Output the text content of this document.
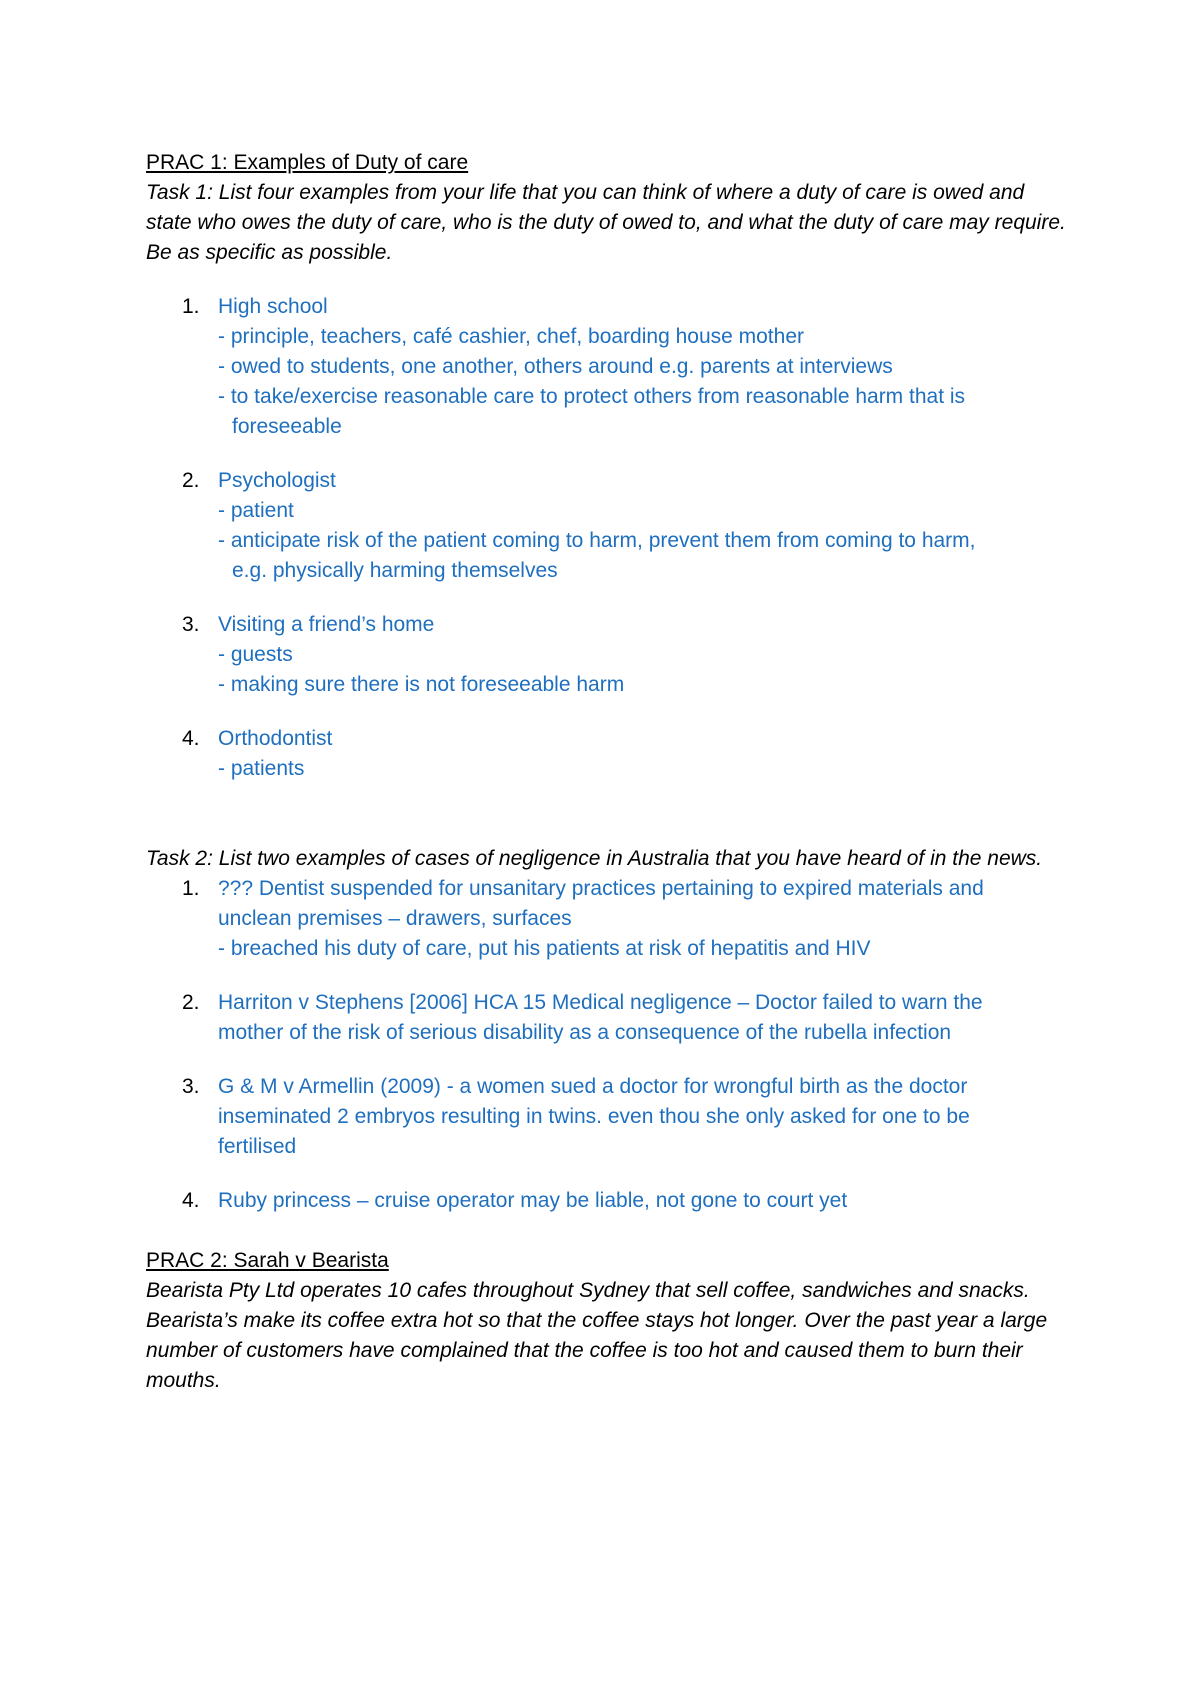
PRAC 1: Examples of Duty of care

Task 1: List four examples from your life that you can think of where a duty of care is owed and state who owes the duty of care, who is the duty of owed to, and what the duty of care may require. Be as specific as possible.

1. High school
- principle, teachers, café cashier, chef, boarding house mother
- owed to students, one another, others around e.g. parents at interviews
- to take/exercise reasonable care to protect others from reasonable harm that is
foreseeable
2. Psychologist
- patient
- anticipate risk of the patient coming to harm, prevent them from coming to harm,
e.g. physically harming themselves
3. Visiting a friend’s home
- guests
- making sure there is not foreseeable harm
4. Orthodontist
- patients

Task 2: List two examples of cases of negligence in Australia that you have heard of in the news.

1. ??? Dentist suspended for unsanitary practices pertaining to expired materials and
unclean premises – drawers, surfaces
- breached his duty of care, put his patients at risk of hepatitis and HIV
2. Harriton v Stephens [2006] HCA 15 Medical negligence – Doctor failed to warn the
mother of the risk of serious disability as a consequence of the rubella infection
3. G & M v Armellin (2009) - a women sued a doctor for wrongful birth as the doctor
inseminated 2 embryos resulting in twins. even thou she only asked for one to be
fertilised
4. Ruby princess – cruise operator may be liable, not gone to court yet

PRAC 2: Sarah v Bearista

Bearista Pty Ltd operates 10 cafes throughout Sydney that sell coffee, sandwiches and snacks. Bearista’s make its coffee extra hot so that the coffee stays hot longer. Over the past year a large number of customers have complained that the coffee is too hot and caused them to burn their mouths.
